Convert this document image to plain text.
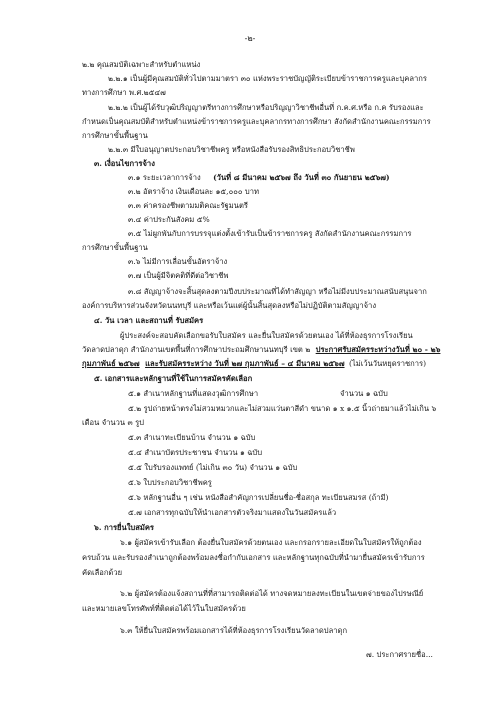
-๒-
๒.๒ คุณสมบัติเฉพาะสำหรับตำแหน่ง
๒.๒.๑ เป็นผู้มีคุณสมบัติทั่วไปตามมาตรา ๓๐ แห่งพระราชบัญญัติระเบียบข้าราชการครูและบุคลากร
ทางการศึกษา พ.ศ.๒๕๔๗
๒.๒.๒ เป็นผู้ได้รับวุฒิปริญญาตรีทางการศึกษาหรือปริญญาวิชาชีพอื่นที่ ก.ค.ศ.หรือ ก.ค รับรองและ
กำหนดเป็นคุณสมบัติสำหรับตำแหน่งข้าราชการครูและบุคลากรทางการศึกษา สังกัดสำนักงานคณะกรรมการ
การศึกษาขั้นพื้นฐาน
๒.๒.๓ มีใบอนุญาตประกอบวิชาชีพครู หรือหนังสือรับรองสิทธิประกอบวิชาชีพ
๓. เงื่อนไขการจ้าง
๓.๑ ระยะเวลาการจ้าง (วันที่ ๘ มีนาคม ๒๕๖๗ ถึง วันที่ ๓๐ กันยายน ๒๕๖๗)
๓.๒ อัตราจ้าง เงินเดือนละ ๑๕,๐๐๐ บาท
๓.๓ ค่าครองชีพตามมติคณะรัฐมนตรี
๓.๔ ค่าประกันสังคม ๕%
๓.๕ ไม่ผูกพันกับการบรรจุแต่งตั้งเข้ารับเป็นข้าราชการครู สังกัดสำนักงานคณะกรรมการ
การศึกษาขั้นพื้นฐาน
๓.๖ ไม่มีการเลื่อนขั้นอัตราจ้าง
๓.๗ เป็นผู้มีจิตคติที่ดีต่อวิชาชีพ
๓.๘ สัญญาจ้างจะสิ้นสุดลงตามปีงบประมาณที่ได้ทำสัญญา หรือไม่มีงบประมาณสนับสนุนจาก
องค์การบริหารส่วนจังหวัดนนทบุรี และหรือเว้นแต่ผู้นั้นสิ้นสุดลงหรือไม่ปฏิบัติตามสัญญาจ้าง
๔. วัน เวลา และสถานที่ รับสมัคร
ผู้ประสงค์จะสอบคัดเลือกขอรับใบสมัคร และยื่นใบสมัครด้วยตนเอง ได้ที่ห้องธุรการโรงเรียน
วัดลาดปลาดุก สำนักงานเขตพื้นที่การศึกษาประถมศึกษานนทบุรี เขต ๒ ประกาศรับสมัครระหว่างวันที่ ๒๐ - ๒๖
กุมภาพันธ์ ๒๕๖๗ และรับสมัครระหว่าง วันที่ ๒๗ กุมภาพันธ์ – ๔ มีนาคม ๒๕๖๗ (ไม่เว้นวันหยุดราชการ)
๕. เอกสารและหลักฐานที่ใช้ในการสมัครคัดเลือก
๕.๑ สำเนาหลักฐานที่แสดงวุฒิการศึกษา	จำนวน ๑ ฉบับ
๕.๒ รูปถ่ายหน้าตรงไม่สวมหมวกและไม่สวมแว่นตาสีดำ ขนาด ๑ x ๑.๕ นิ้วถ่ายมาแล้วไม่เกิน ๖
เดือน จำนวน ๓ รูป
๕.๓ สำเนาทะเบียนบ้าน จำนวน ๑ ฉบับ
๕.๔ สำเนาบัตรประชาชน จำนวน ๑ ฉบับ
๕.๕ ใบรับรองแพทย์ (ไม่เกิน ๓๐ วัน) จำนวน ๑ ฉบับ
๕.๖ ใบประกอบวิชาชีพครู
๕.๖ หลักฐานอื่น ๆ เช่น หนังสือสำคัญการเปลี่ยนชื่อ-ชื่อสกุล ทะเบียนสมรส (ถ้ามี)
๕.๗ เอกสารทุกฉบับให้นำเอกสารตัวจริงมาแสดงในวันสมัครแล้ว
๖. การยื่นใบสมัคร
๖.๑ ผู้สมัครเข้ารับเลือก ต้องยื่นใบสมัครด้วยตนเอง และกรอกรายละเอียดในใบสมัครให้ถูกต้อง
ครบถ้วน และรับรองสำเนาถูกต้องพร้อมลงชื่อกำกับเอกสาร และหลักฐานทุกฉบับที่นำมายื่นสมัครเข้ารับการ
คัดเลือกด้วย
๖.๒ ผู้สมัครต้องแจ้งสถานที่ที่สามารถติดต่อได้ ทางจดหมายลงทะเบียนในเขตจ่ายของไปรษณีย์
และหมายเลขโทรศัพท์ที่ติดต่อได้ไว้ในใบสมัครด้วย
๖.๓ ให้ยื่นใบสมัครพร้อมเอกสารได้ที่ห้องธุรการโรงเรียนวัดลาดปลาดุก
๗. ประกาศรายชื่อ...
